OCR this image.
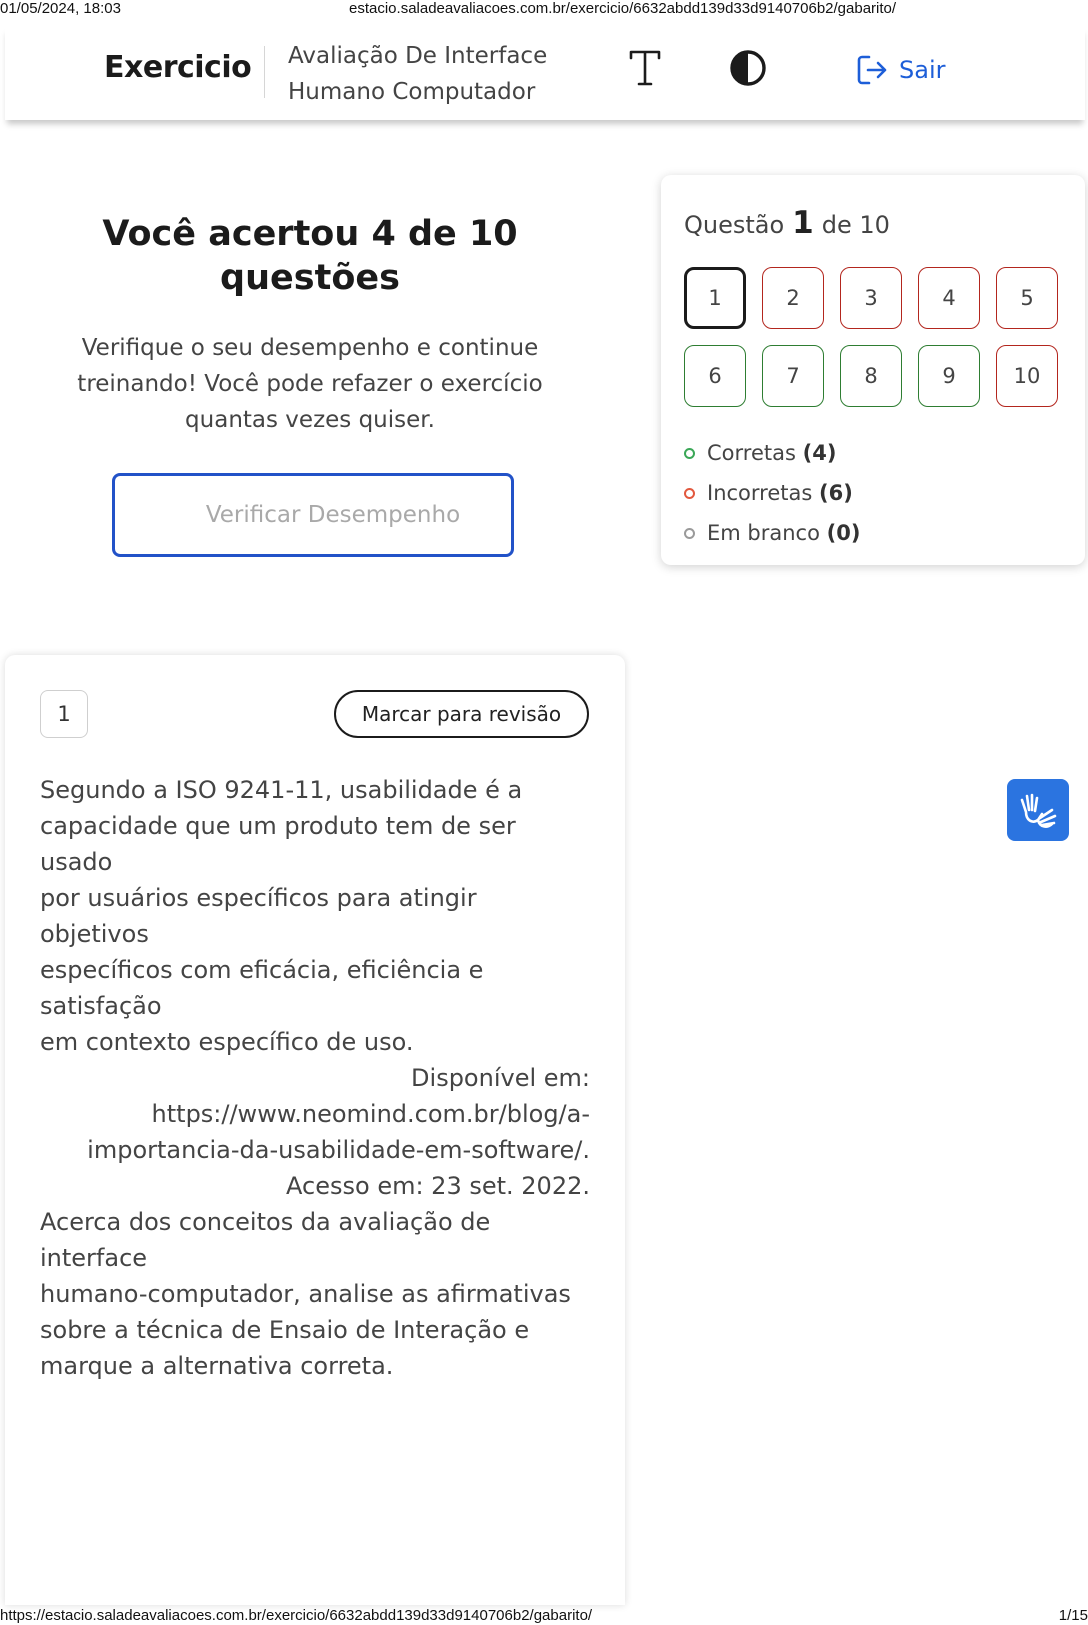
01/05/2024, 18:03	estacio.saladeavaliacoes.com.br/exercicio/6632abdd139d33d9140706b2/gabarito/
Exercicio Avaliação De Interface
Humano Computador
Sair
Você acertou 4 de 10
questões
Verifique o seu desempenho e continue
treinando! Você pode refazer o exercício
quantas vezes quiser.
Verificar Desempenho
Questão 1 de 10
1	2	3	4	5
6	7	8	9	10
Corretas (4)
Incorretas (6)
Em branco (0)
1	Marcar para revisão
Segundo a ISO 9241-11, usabilidade é a
capacidade que um produto tem de ser usado
por usuários específicos para atingir objetivos
específicos com eficácia, eficiência e satisfação
em contexto específico de uso.
Disponível em:
https://www.neomind.com.br/blog/a-
importancia-da-usabilidade-em-software/.
Acesso em: 23 set. 2022.
Acerca dos conceitos da avaliação de interface
humano-computador, analise as afirmativas
sobre a técnica de Ensaio de Interação e
marque a alternativa correta.
https://estacio.saladeavaliacoes.com.br/exercicio/6632abdd139d33d9140706b2/gabarito/	1/15
